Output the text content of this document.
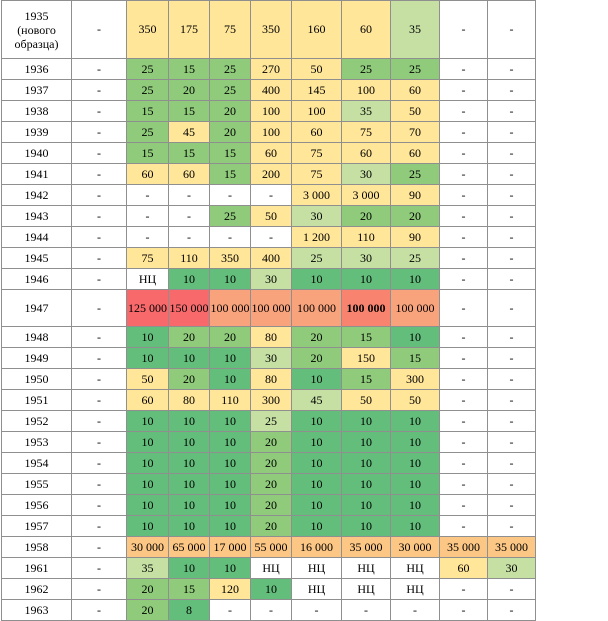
1935
(нового
образца)	-	350	175	75	350	160	60	35	-	-

1936	-	25	15	25	270	50	25	25	-	-

1937	-	25	20	25	400	145	100	60	-	-

1938	-	15	15	20	100	100	35	50	-	-

1939	-	25	45	20	100	60	75	70	-	-

1940	-	15	15	15	60	75	60	60	-	-

1941	-	60	60	15	200	75	30	25	-	-

1942	-	-	-	-	-	3 000	3 000	90	-	-

1943	-	-	-	25	50	30	20	20	-	-

1944	-	-	-	-	-	1 200	110	90	-	-

1945	-	75	110	350	400	25	30	25	-	-

1946	-	НЦ	10	10	30	10	10	10	-	-

1947	-	125 000	150 000	100 000	100 000	100 000	100 000	100 000	-	-

1948	-	10	20	20	80	20	15	10	-	-

1949	-	10	10	10	30	20	150	15	-	-

1950	-	50	20	10	80	10	15	300	-	-

1951	-	60	80	110	300	45	50	50	-	-

1952	-	10	10	10	25	10	10	10	-	-

1953	-	10	10	10	20	10	10	10	-	-

1954	-	10	10	10	20	10	10	10	-	-

1955	-	10	10	10	20	10	10	10	-	-

1956	-	10	10	10	20	10	10	10	-	-

1957	-	10	10	10	20	10	10	10	-	-

1958	-	30 000	65 000	17 000	55 000	16 000	35 000	30 000	35 000	35 000

1961	-	35	10	10	НЦ	НЦ	НЦ	НЦ	60	30

1962	-	20	15	120	10	НЦ	НЦ	НЦ	-	-

1963	-	20	8	-	-	-	-	-	-	-
